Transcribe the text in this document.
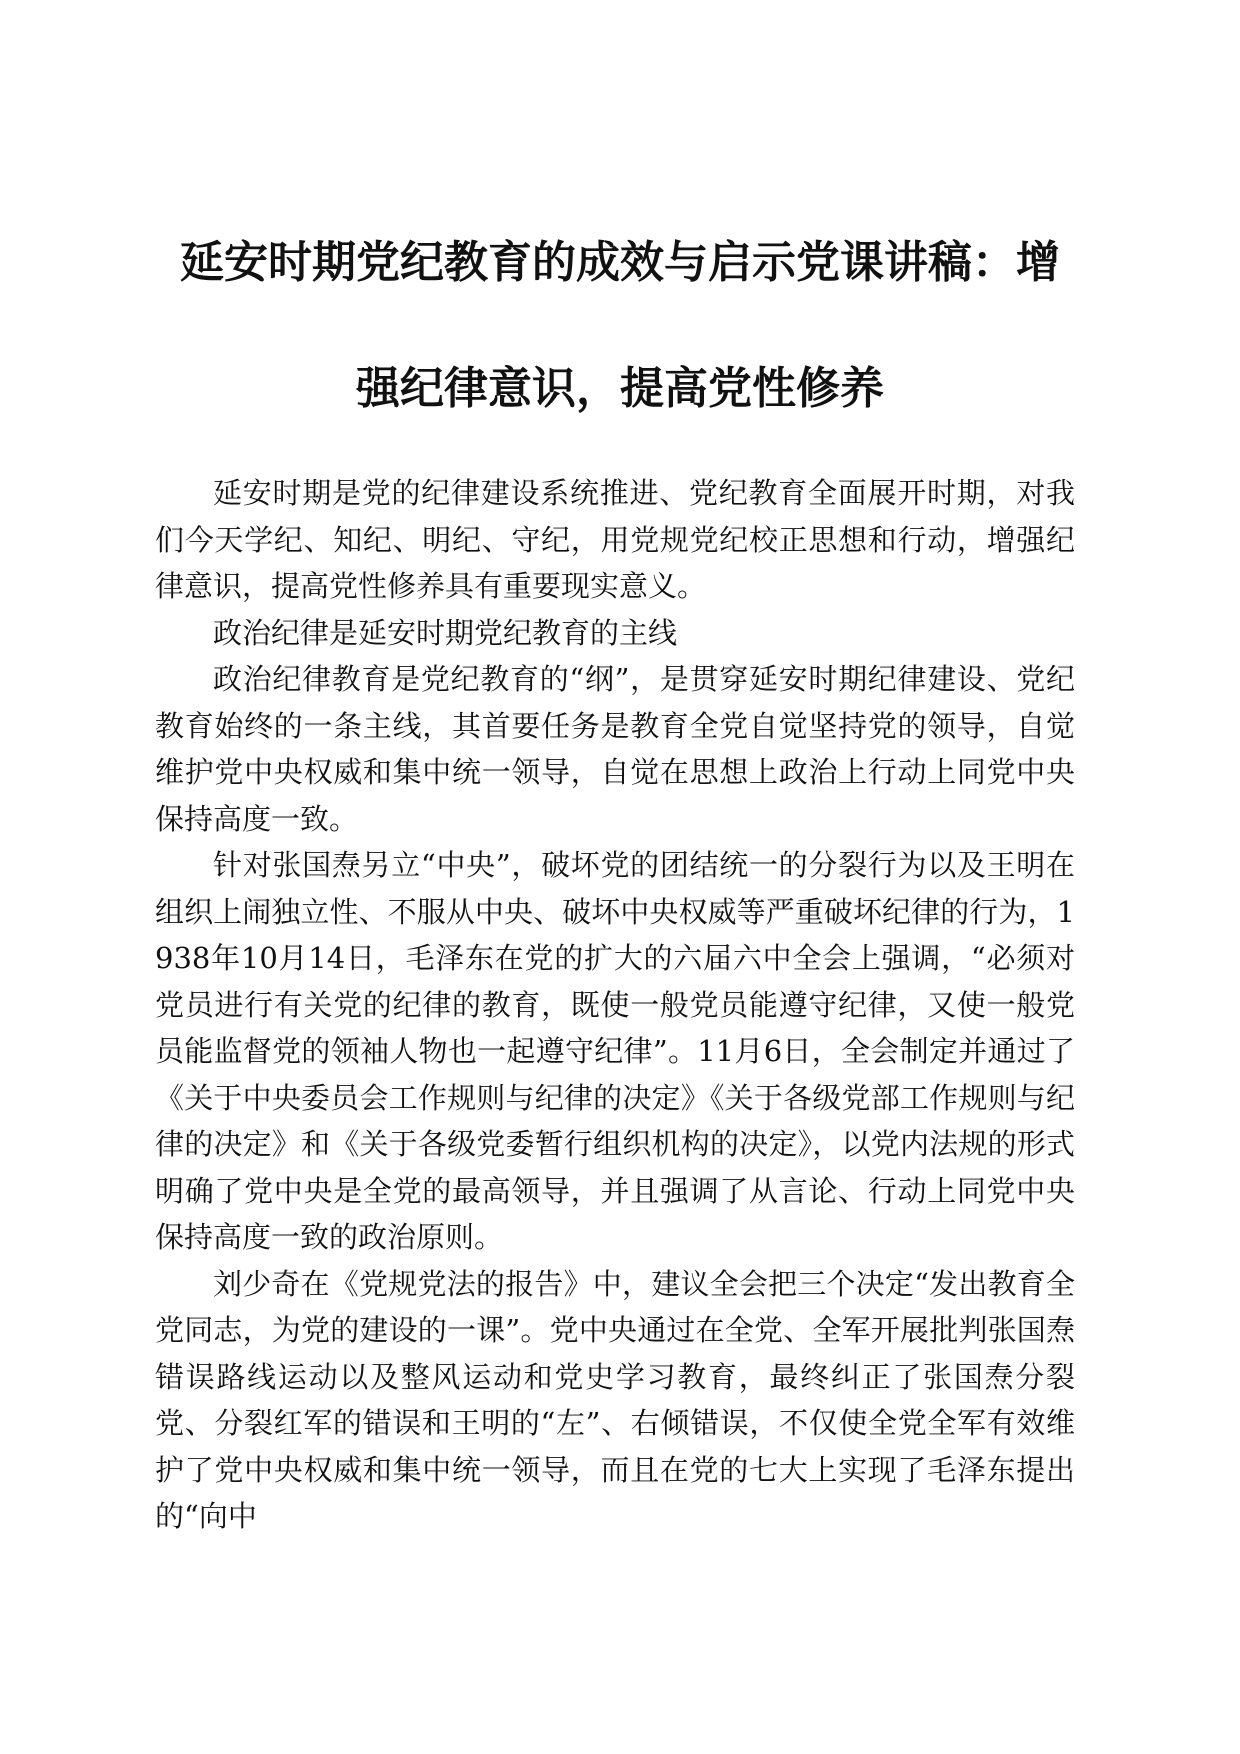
延安时期党纪教育的成效与启示党课讲稿：增
强纪律意识，提高党性修养

延安时期是党的纪律建设系统推进、党纪教育全面展开时期，对我们今天学纪、知纪、明纪、守纪，用党规党纪校正思想和行动，增强纪律意识，提高党性修养具有重要现实意义。

政治纪律是延安时期党纪教育的主线

政治纪律教育是党纪教育的“纲”，是贯穿延安时期纪律建设、党纪教育始终的一条主线，其首要任务是教育全党自觉坚持党的领导，自觉维护党中央权威和集中统一领导，自觉在思想上政治上行动上同党中央保持高度一致。

针对张国焘另立“中央”，破坏党的团结统一的分裂行为以及王明在组织上闹独立性、不服从中央、破坏中央权威等严重破坏纪律的行为，1938年10月14日，毛泽东在党的扩大的六届六中全会上强调，“必须对党员进行有关党的纪律的教育，既使一般党员能遵守纪律，又使一般党员能监督党的领袖人物也一起遵守纪律”。11月6日，全会制定并通过了《关于中央委员会工作规则与纪律的决定》《关于各级党部工作规则与纪律的决定》和《关于各级党委暂行组织机构的决定》，以党内法规的形式明确了党中央是全党的最高领导，并且强调了从言论、行动上同党中央保持高度一致的政治原则。

刘少奇在《党规党法的报告》中，建议全会把三个决定“发出教育全党同志，为党的建设的一课”。党中央通过在全党、全军开展批判张国焘错误路线运动以及整风运动和党史学习教育，最终纠正了张国焘分裂党、分裂红军的错误和王明的“左”、右倾错误，不仅使全党全军有效维护了党中央权威和集中统一领导，而且在党的七大上实现了毛泽东提出的“向中
